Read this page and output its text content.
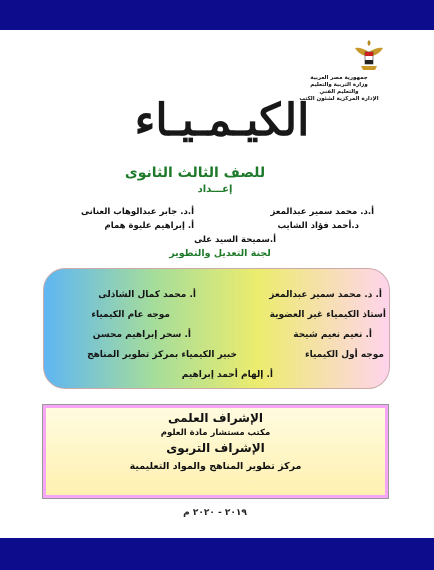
جمهورية مصر العربية
وزارة التربية والتعليم
والتعليم الفني
الإدارة المركزية لشئون الكتب
الكيـمـيـاء
للصف الثالث الثانوى
إعـــداد
أ.د. محمد سمير عبدالمعز
أ.د. جابر عبدالوهاب العنانى
د.أحمد فؤاد الشايب
أ. إبراهيم عليوة همام
أ.سميحة السيد على
لجنة التعديل والتطوير
أ. د. محمد سمير عبدالمعز
أ. محمد كمال الشاذلى
أستاذ الكيمياء غير العضوية
موجه عام الكيمياء
أ. نعيم نعيم شيحة
أ. سحر إبراهيم محسن
موجه أول الكيمياء
خبير الكيمياء بمركز تطوير المناهج
أ. إلهام أحمد إبراهيم
الإشراف العلمى
مكتب مستشار مادة العلوم
الإشراف التربوى
مركز تطوير المناهج والمواد التعليمية
٢٠١٩ - ٢٠٢٠ م
